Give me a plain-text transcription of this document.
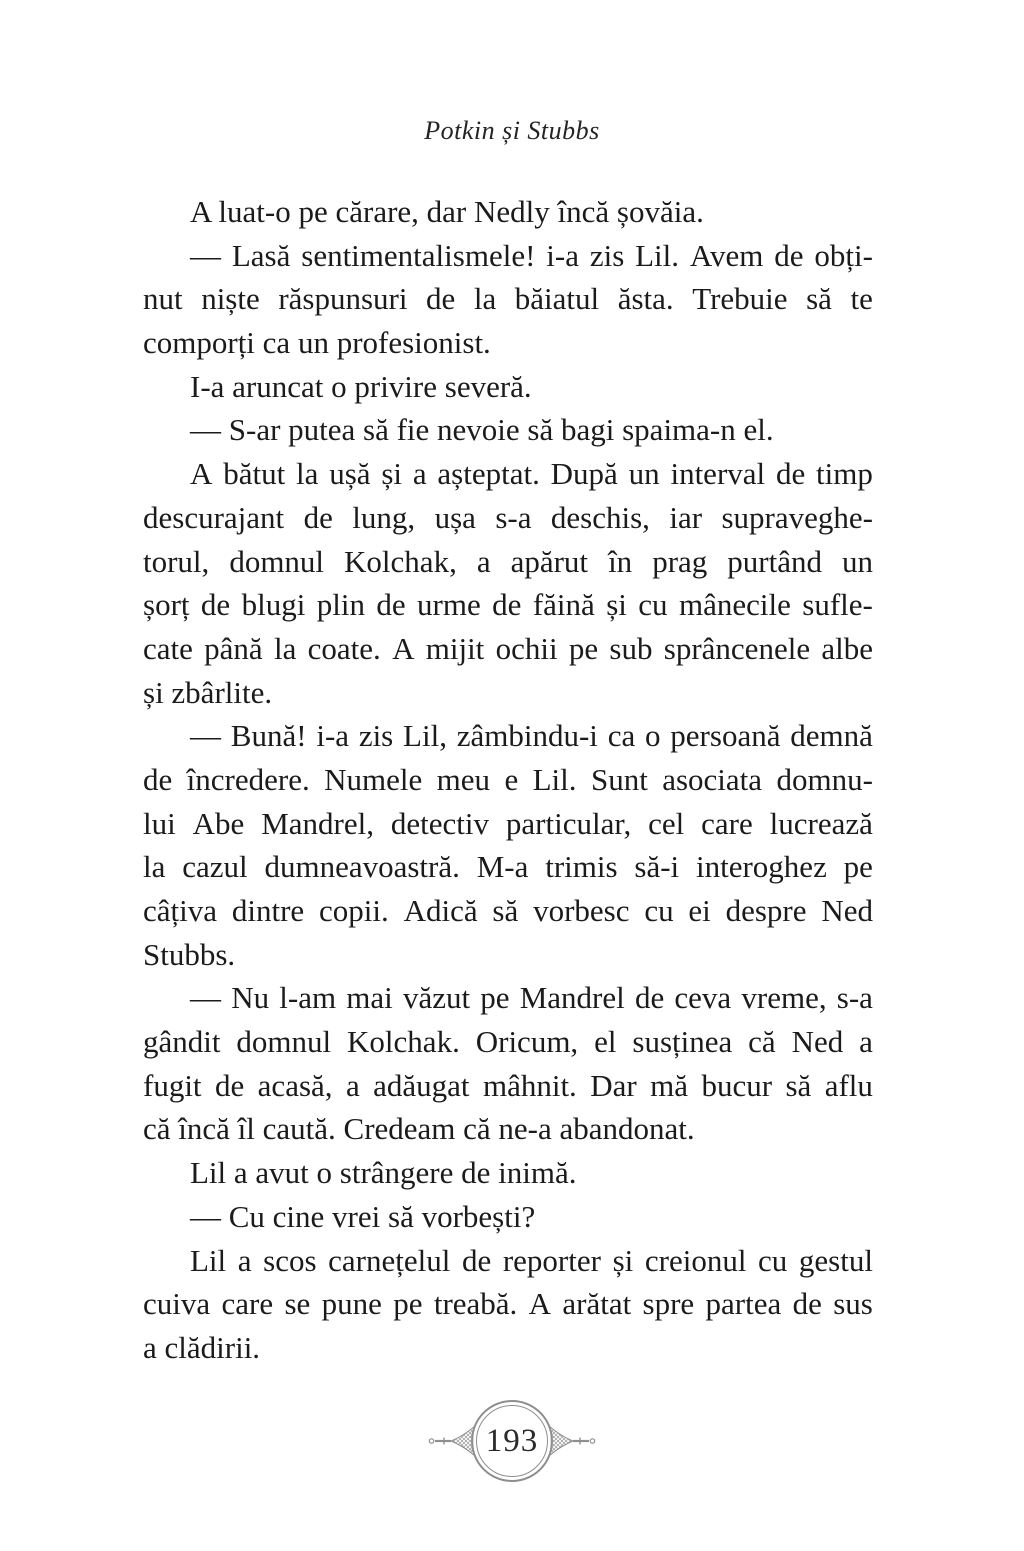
Potkin și Stubbs
A luat-o pe cărare, dar Nedly încă șovăia.
— Lasă sentimentalismele! i-a zis Lil. Avem de obți-
nut niște răspunsuri de la băiatul ăsta. Trebuie să te
comporți ca un profesionist.
I-a aruncat o privire severă.
— S-ar putea să fie nevoie să bagi spaima-n el.
A bătut la ușă și a așteptat. După un interval de timp
descurajant de lung, ușa s-a deschis, iar supraveghe-
torul, domnul Kolchak, a apărut în prag purtând un
șorț de blugi plin de urme de făină și cu mânecile sufle-
cate până la coate. A mijit ochii pe sub sprâncenele albe
și zbârlite.
— Bună! i-a zis Lil, zâmbindu-i ca o persoană demnă
de încredere. Numele meu e Lil. Sunt asociata domnu-
lui Abe Mandrel, detectiv particular, cel care lucrează
la cazul dumneavoastră. M-a trimis să-i interoghez pe
câțiva dintre copii. Adică să vorbesc cu ei despre Ned
Stubbs.
— Nu l-am mai văzut pe Mandrel de ceva vreme, s-a
gândit domnul Kolchak. Oricum, el susținea că Ned a
fugit de acasă, a adăugat mâhnit. Dar mă bucur să aflu
că încă îl caută. Credeam că ne-a abandonat.
Lil a avut o strângere de inimă.
— Cu cine vrei să vorbești?
Lil a scos carnețelul de reporter și creionul cu gestul
cuiva care se pune pe treabă. A arătat spre partea de sus
a clădirii.
193
